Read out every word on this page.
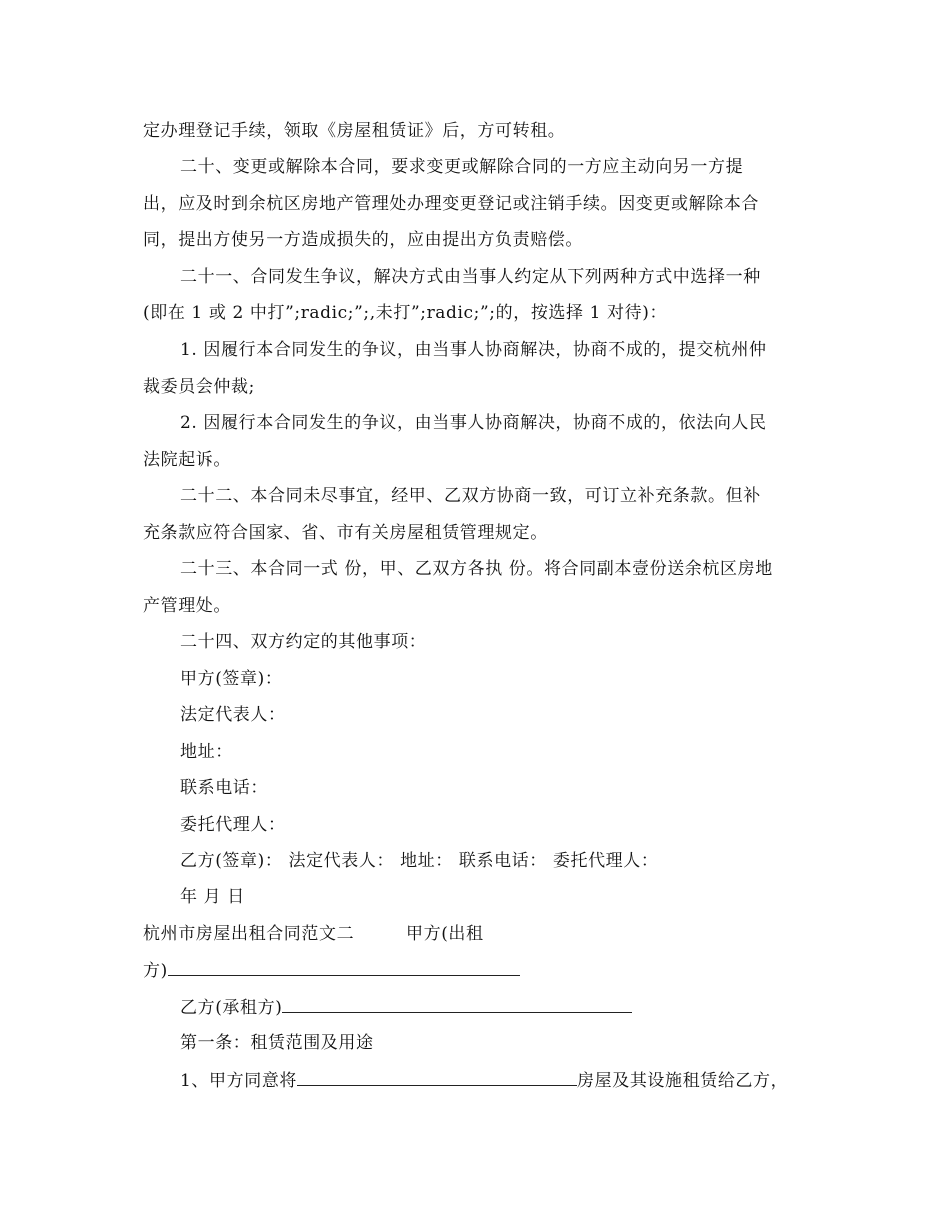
定办理登记手续，领取《房屋租赁证》后，方可转租。
二十、变更或解除本合同，要求变更或解除合同的一方应主动向另一方提
出，应及时到余杭区房地产管理处办理变更登记或注销手续。因变更或解除本合
同，提出方使另一方造成损失的，应由提出方负责赔偿。
二十一、合同发生争议，解决方式由当事人约定从下列两种方式中选择一种
(即在 1 或 2 中打”;radic;”;,未打”;radic;”;的，按选择 1 对待)：
1. 因履行本合同发生的争议，由当事人协商解决，协商不成的，提交杭州仲
裁委员会仲裁;
2. 因履行本合同发生的争议，由当事人协商解决，协商不成的，依法向人民
法院起诉。
二十二、本合同未尽事宜，经甲、乙双方协商一致，可订立补充条款。但补
充条款应符合国家、省、市有关房屋租赁管理规定。
二十三、本合同一式 份，甲、乙双方各执 份。将合同副本壹份送余杭区房地
产管理处。
二十四、双方约定的其他事项：
甲方(签章)：
法定代表人：
地址：
联系电话：
委托代理人：
乙方(签章)： 法定代表人： 地址： 联系电话： 委托代理人：
年 月 日
杭州市房屋出租合同范文二	甲方(出租
方)
乙方(承租方)
第一条：租赁范围及用途
1、甲方同意将	房屋及其设施租赁给乙方，
